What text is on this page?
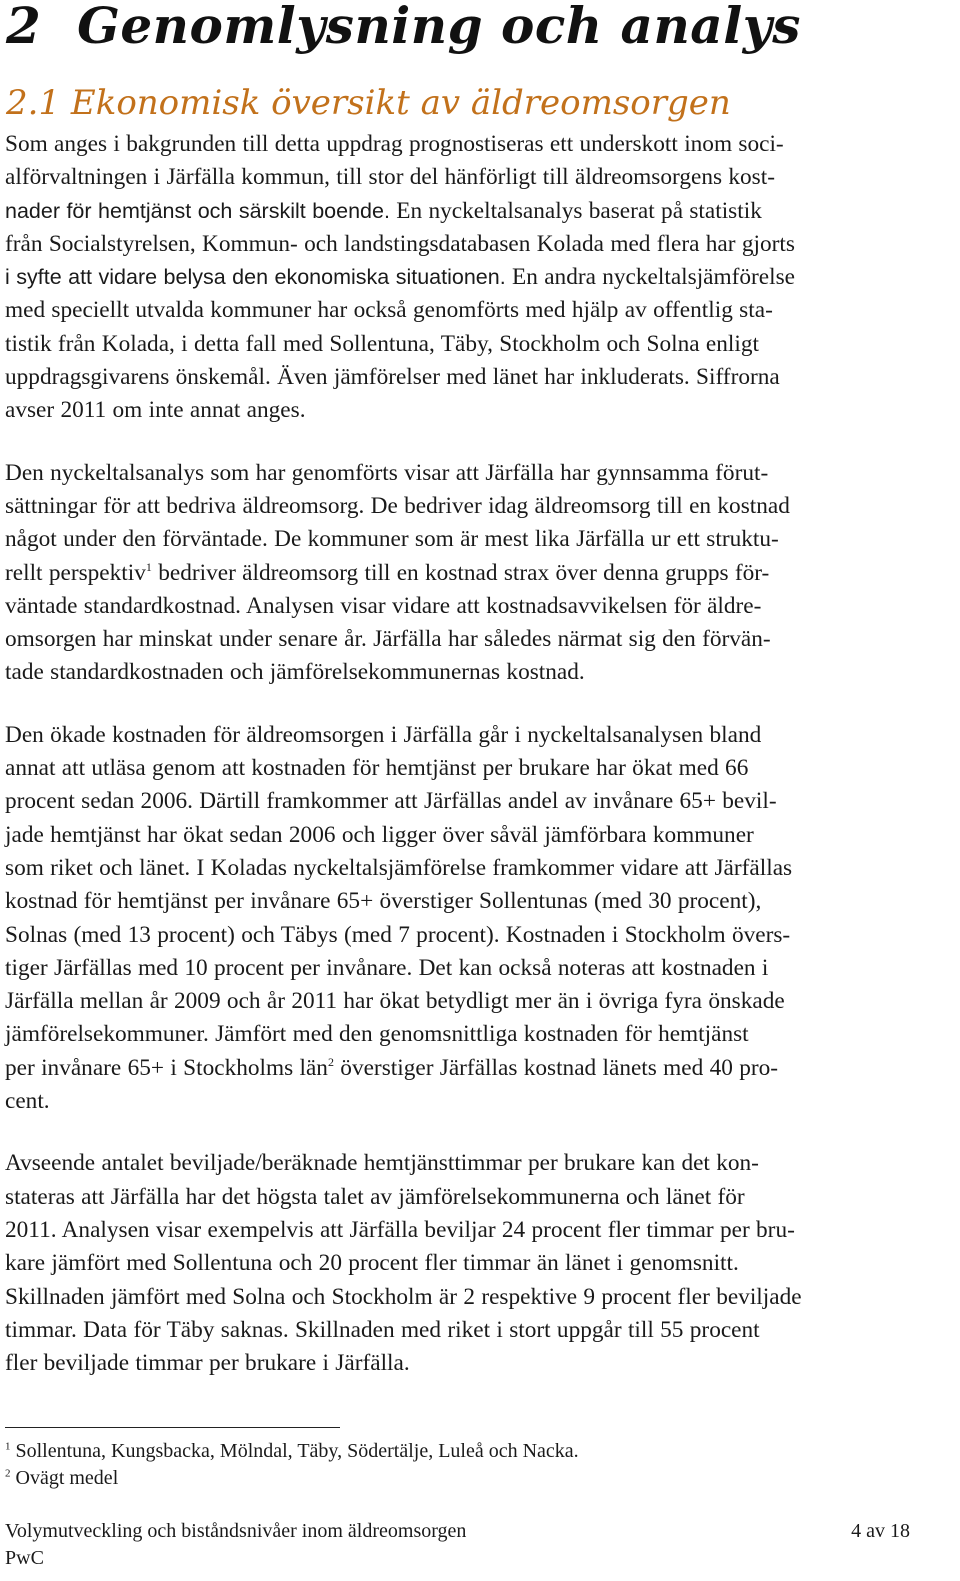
2 Genomlysning och analys
2.1 Ekonomisk översikt av äldreomsorgen

Som anges i bakgrunden till detta uppdrag prognostiseras ett underskott inom soci-
alförvaltningen i Järfälla kommun, till stor del hänförligt till äldreomsorgens kost-
nader för hemtjänst och särskilt boende. En nyckeltalsanalys baserat på statistik
från Socialstyrelsen, Kommun- och landstingsdatabasen Kolada med flera har gjorts
i syfte att vidare belysa den ekonomiska situationen. En andra nyckeltalsjämförelse
med speciellt utvalda kommuner har också genomförts med hjälp av offentlig sta-
tistik från Kolada, i detta fall med Sollentuna, Täby, Stockholm och Solna enligt
uppdragsgivarens önskemål. Även jämförelser med länet har inkluderats. Siffrorna
avser 2011 om inte annat anges.

Den nyckeltalsanalys som har genomförts visar att Järfälla har gynnsamma förut-
sättningar för att bedriva äldreomsorg. De bedriver idag äldreomsorg till en kostnad
något under den förväntade. De kommuner som är mest lika Järfälla ur ett struktu-
rellt perspektiv$^1$ bedriver äldreomsorg till en kostnad strax över denna grupps för-
väntade standardkostnad. Analysen visar vidare att kostnadsavvikelsen för äldre-
omsorgen har minskat under senare år. Järfälla har således närmat sig den förvän-
tade standardkostnaden och jämförelsekommunernas kostnad.

Den ökade kostnaden för äldreomsorgen i Järfälla går i nyckeltalsanalysen bland
annat att utläsa genom att kostnaden för hemtjänst per brukare har ökat med 66
procent sedan 2006. Därtill framkommer att Järfällas andel av invånare 65+ bevil-
jade hemtjänst har ökat sedan 2006 och ligger över såväl jämförbara kommuner
som riket och länet. I Koladas nyckeltalsjämförelse framkommer vidare att Järfällas
kostnad för hemtjänst per invånare 65+ överstiger Sollentunas (med 30 procent),
Solnas (med 13 procent) och Täbys (med 7 procent). Kostnaden i Stockholm övers-
tiger Järfällas med 10 procent per invånare. Det kan också noteras att kostnaden i
Järfälla mellan år 2009 och år 2011 har ökat betydligt mer än i övriga fyra önskade
jämförelsekommuner. Jämfört med den genomsnittliga kostnaden för hemtjänst
per invånare 65+ i Stockholms län$^2$ överstiger Järfällas kostnad länets med 40 pro-
cent.

Avseende antalet beviljade/beräknade hemtjänsttimmar per brukare kan det kon-
stateras att Järfälla har det högsta talet av jämförelsekommunerna och länet för
2011. Analysen visar exempelvis att Järfälla beviljar 24 procent fler timmar per bru-
kare jämfört med Sollentuna och 20 procent fler timmar än länet i genomsnitt.
Skillnaden jämfört med Solna och Stockholm är 2 respektive 9 procent fler beviljade
timmar. Data för Täby saknas. Skillnaden med riket i stort uppgår till 55 procent
fler beviljade timmar per brukare i Järfälla.

$^1$ Sollentuna, Kungsbacka, Mölndal, Täby, Södertälje, Luleå och Nacka.
$^2$ Ovägt medel
Volymutveckling och biståndsnivåer inom äldreomsorgen	4 av 18
PwC
